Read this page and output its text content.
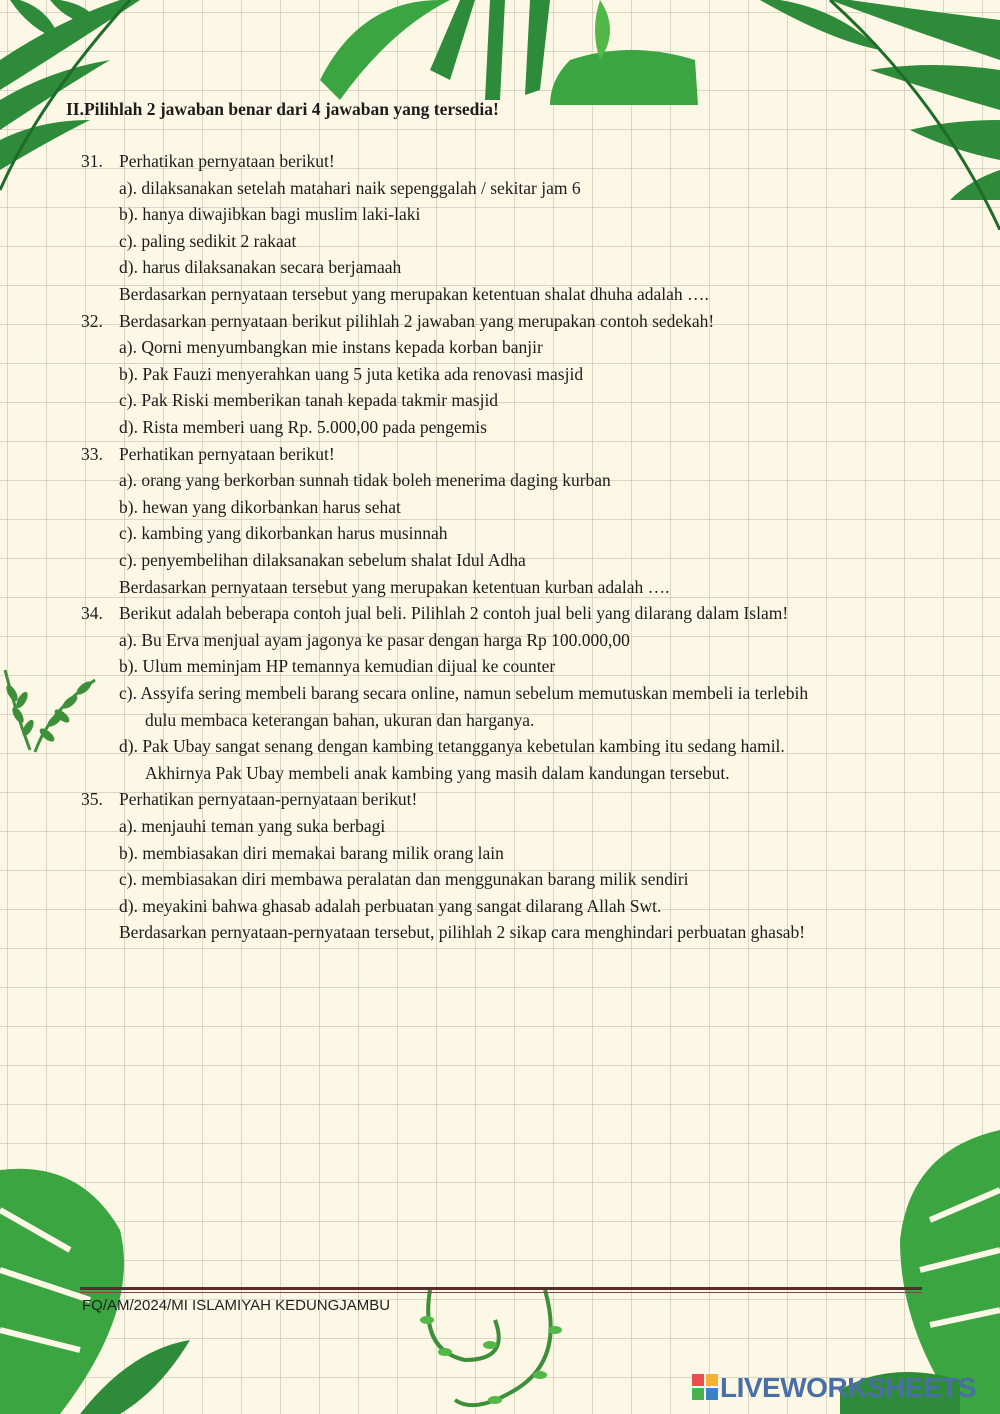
II.Pilihlah 2 jawaban benar dari 4 jawaban yang tersedia!
31. Perhatikan pernyataan berikut!
a). dilaksanakan setelah matahari naik sepenggalah / sekitar jam 6
b). hanya diwajibkan bagi muslim laki-laki
c). paling sedikit 2 rakaat
d). harus dilaksanakan secara berjamaah
Berdasarkan pernyataan tersebut yang merupakan ketentuan shalat dhuha adalah ….
32. Berdasarkan pernyataan berikut pilihlah 2 jawaban yang merupakan contoh sedekah!
a). Qorni menyumbangkan mie instans kepada korban banjir
b). Pak Fauzi menyerahkan uang 5 juta ketika ada renovasi masjid
c). Pak Riski memberikan tanah kepada takmir masjid
d). Rista memberi uang Rp. 5.000,00 pada pengemis
33. Perhatikan pernyataan berikut!
a). orang yang berkorban sunnah tidak boleh menerima daging kurban
b). hewan yang dikorbankan harus sehat
c). kambing yang dikorbankan harus musinnah
c). penyembelihan dilaksanakan sebelum shalat Idul Adha
Berdasarkan pernyataan tersebut yang merupakan ketentuan kurban adalah ….
34. Berikut adalah beberapa contoh jual beli. Pilihlah 2 contoh jual beli yang dilarang dalam Islam!
a). Bu Erva menjual ayam jagonya ke pasar dengan harga Rp 100.000,00
b). Ulum meminjam HP temannya kemudian dijual ke counter
c). Assyifa sering membeli barang secara online, namun sebelum memutuskan membeli ia terlebih
dulu membaca keterangan bahan, ukuran dan harganya.
d). Pak Ubay sangat senang dengan kambing tetangganya kebetulan kambing itu sedang hamil.
Akhirnya Pak Ubay membeli anak kambing yang masih dalam kandungan tersebut.
35. Perhatikan pernyataan-pernyataan berikut!
a). menjauhi teman yang suka berbagi
b). membiasakan diri memakai barang milik orang lain
c). membiasakan diri membawa peralatan dan menggunakan barang milik sendiri
d). meyakini bahwa ghasab adalah perbuatan yang sangat dilarang Allah Swt.
Berdasarkan pernyataan-pernyataan tersebut, pilihlah 2 sikap cara menghindari perbuatan ghasab!
FQ/AM/2024/MI ISLAMIYAH KEDUNGJAMBU
LIVEWORKSHEETS
